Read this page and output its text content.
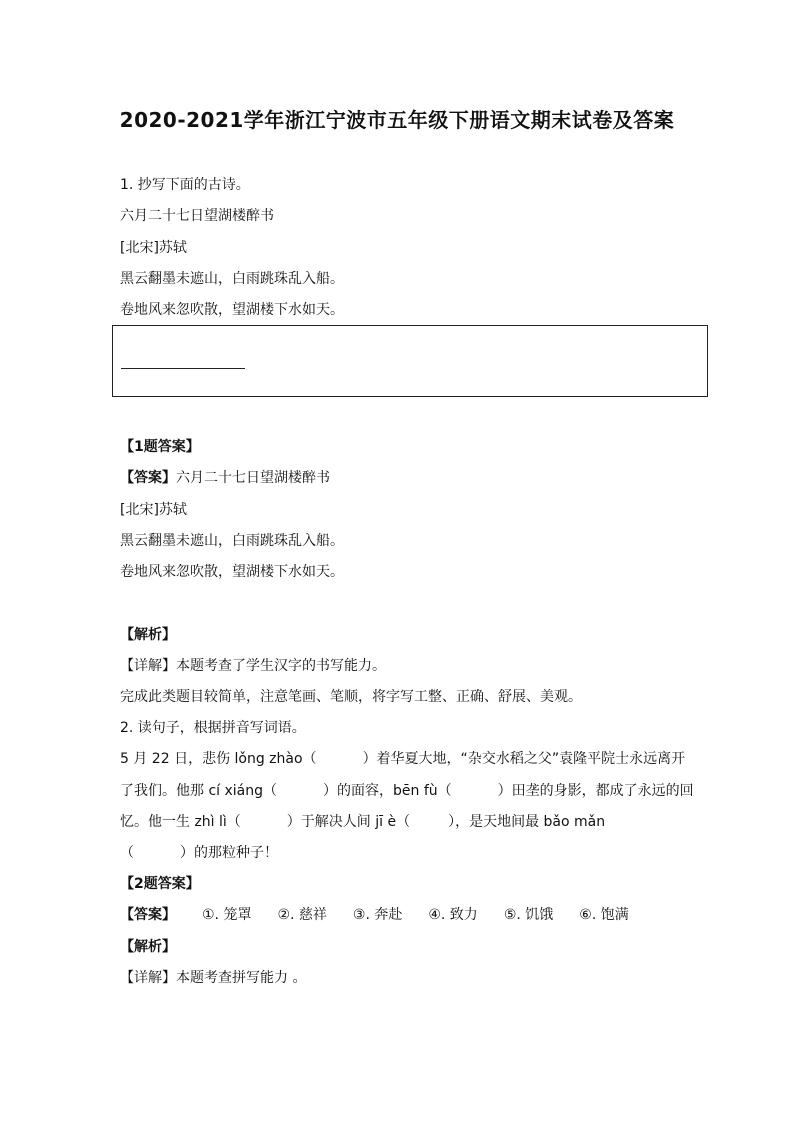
2020-2021学年浙江宁波市五年级下册语文期末试卷及答案
1. 抄写下面的古诗。
六月二十七日望湖楼醉书
[北宋]苏轼
黑云翻墨未遮山，白雨跳珠乱入船。
卷地风来忽吹散，望湖楼下水如天。
【1题答案】
【答案】六月二十七日望湖楼醉书
[北宋]苏轼
黑云翻墨未遮山，白雨跳珠乱入船。
卷地风来忽吹散，望湖楼下水如天。
【解析】
【详解】本题考查了学生汉字的书写能力。
完成此类题目较简单，注意笔画、笔顺，将字写工整、正确、舒展、美观。
2. 读句子，根据拼音写词语。
5 月 22 日，悲伤 lǒng zhào（	）着华夏大地，“杂交水稻之父”袁隆平院士永远离开
了我们。他那 cí xiáng（	）的面容，bēn fù（	）田垄的身影，都成了永远的回
忆。他一生 zhì lì（	）于解决人间 jī è（	），是天地间最 bǎo mǎn
（	）的那粒种子！
【2题答案】
【答案】 ①. 笼罩 ②. 慈祥 ③. 奔赴 ④. 致力 ⑤. 饥饿 ⑥. 饱满
【解析】
【详解】本题考查拼写能力 。
